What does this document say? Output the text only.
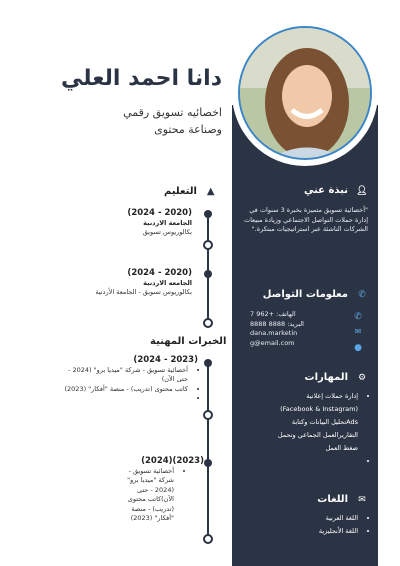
دانا احمد العلي
اخصائيه تسويق رقمي
وصناعة محتوى
نبذة عني 👤︎
"أخصائية تسويق متميزة بخبرة 3 سنوات في إدارة حملات التواصل الاجتماعي وزيادة مبيعات الشركات الناشئة عبر استراتيجيات مبتكرة."
معلومات التواصل ✆
الهاتف: +962 7
البريد: 8888 8888
dana.marketin
g@email.com
✆
✉
●
المهارات ⚙
• إدارة حملات إعلانية
(Facebook & Instagram)
Adsتحليل البيانات وكتابة
التقاريرالعمل الجماعي وتحمل
ضغط العمل
•
اللغات ✉
• اللغة العربية
• اللغة الأنجليزية
التعليم ▲
(2020 - 2024)
الجامعة الاردنية
بكالوريوس تسويق
(2020 - 2024)
الجامعه الاردنية
بكالوريوس تسويق - الجامعة الأردنية
الخبرات المهنية ▤
(2023 - 2024)
• أخصائية تسويق - شركة "ميديا برو" (2024 - حتى الآن)
• كاتب محتوى (تدريب) - منصة "أفكار" (2023)
•
(2023)(2024)
• أخصائية تسويق - شركة "ميديا برو" (2024 - حتى الآن)كاتب محتوى (تدريب) - منصة "أفكار" (2023)
